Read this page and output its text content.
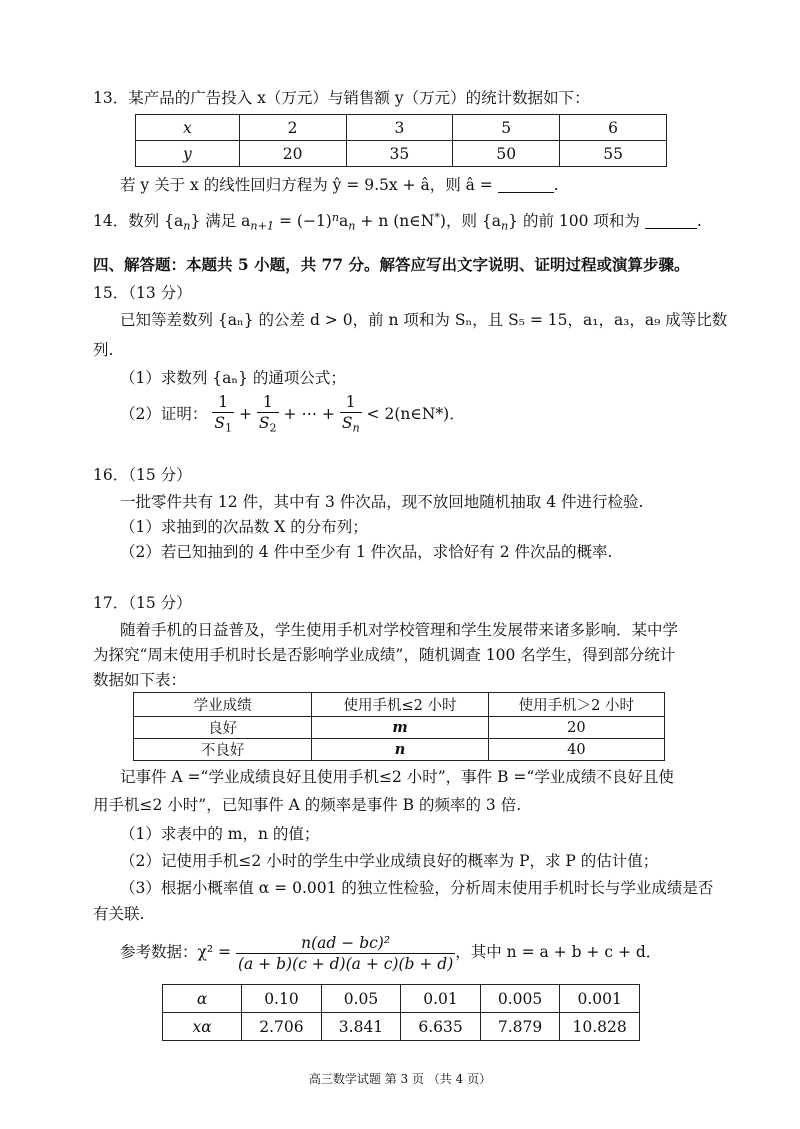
13．某产品的广告投入 x（万元）与销售额 y（万元）的统计数据如下：
x	2	3	5	6
y	20	35	50	55
若 y 关于 x 的线性回归方程为 ŷ = 9.5x + â，则 â =	.
14．数列 $\{a_n\}$ 满足 $a_{n+1} = (-1)^na_n + n$ (n∈N*)，则 $\{a_n\}$ 的前 100 项和为	.
四、解答题：本题共 5 小题，共 77 分。解答应写出文字说明、证明过程或演算步骤。
15．（13 分）
已知等差数列 {aₙ} 的公差 d > 0，前 n 项和为 Sₙ，且 S₅ = 15，a₁，a₃，a₉ 成等比数
列.
（1）求数列 {aₙ} 的通项公式；
（2）证明： $\frac{1}{S_1} + \frac{1}{S_2}$ + ⋯ + $\frac{1}{S_n}$ < 2(n∈N*)．
16．（15 分）
一批零件共有 12 件，其中有 3 件次品，现不放回地随机抽取 4 件进行检验.
（1）求抽到的次品数 X 的分布列；
（2）若已知抽到的 4 件中至少有 1 件次品，求恰好有 2 件次品的概率.
17．（15 分）
随着手机的日益普及，学生使用手机对学校管理和学生发展带来诸多影响．某中学
为探究“周末使用手机时长是否影响学业成绩”，随机调查 100 名学生，得到部分统计
数据如下表：
学业成绩	使用手机≤2 小时	使用手机＞2 小时
良好	m	20
不良好	n	40
记事件 A =“学业成绩良好且使用手机≤2 小时”，事件 B =“学业成绩不良好且使
用手机≤2 小时”，已知事件 A 的频率是事件 B 的频率的 3 倍.
（1）求表中的 m，n 的值；
（2）记使用手机≤2 小时的学生中学业成绩良好的概率为 P，求 P 的估计值；
（3）根据小概率值 α = 0.001 的独立性检验，分析周末使用手机时长与学业成绩是否
有关联.
参考数据：$\chi^2 = \frac{\text{n(ad − bc)²}}{(a + b)(c + d)(a + c)(b + d)}$ ，其中 n = a + b + c + d．
α	0.10	0.05	0.01	0.005	0.001
xα	2.706	3.841	6.635	7.879	10.828
高三数学试题 第 3 页 （共 4 页）
